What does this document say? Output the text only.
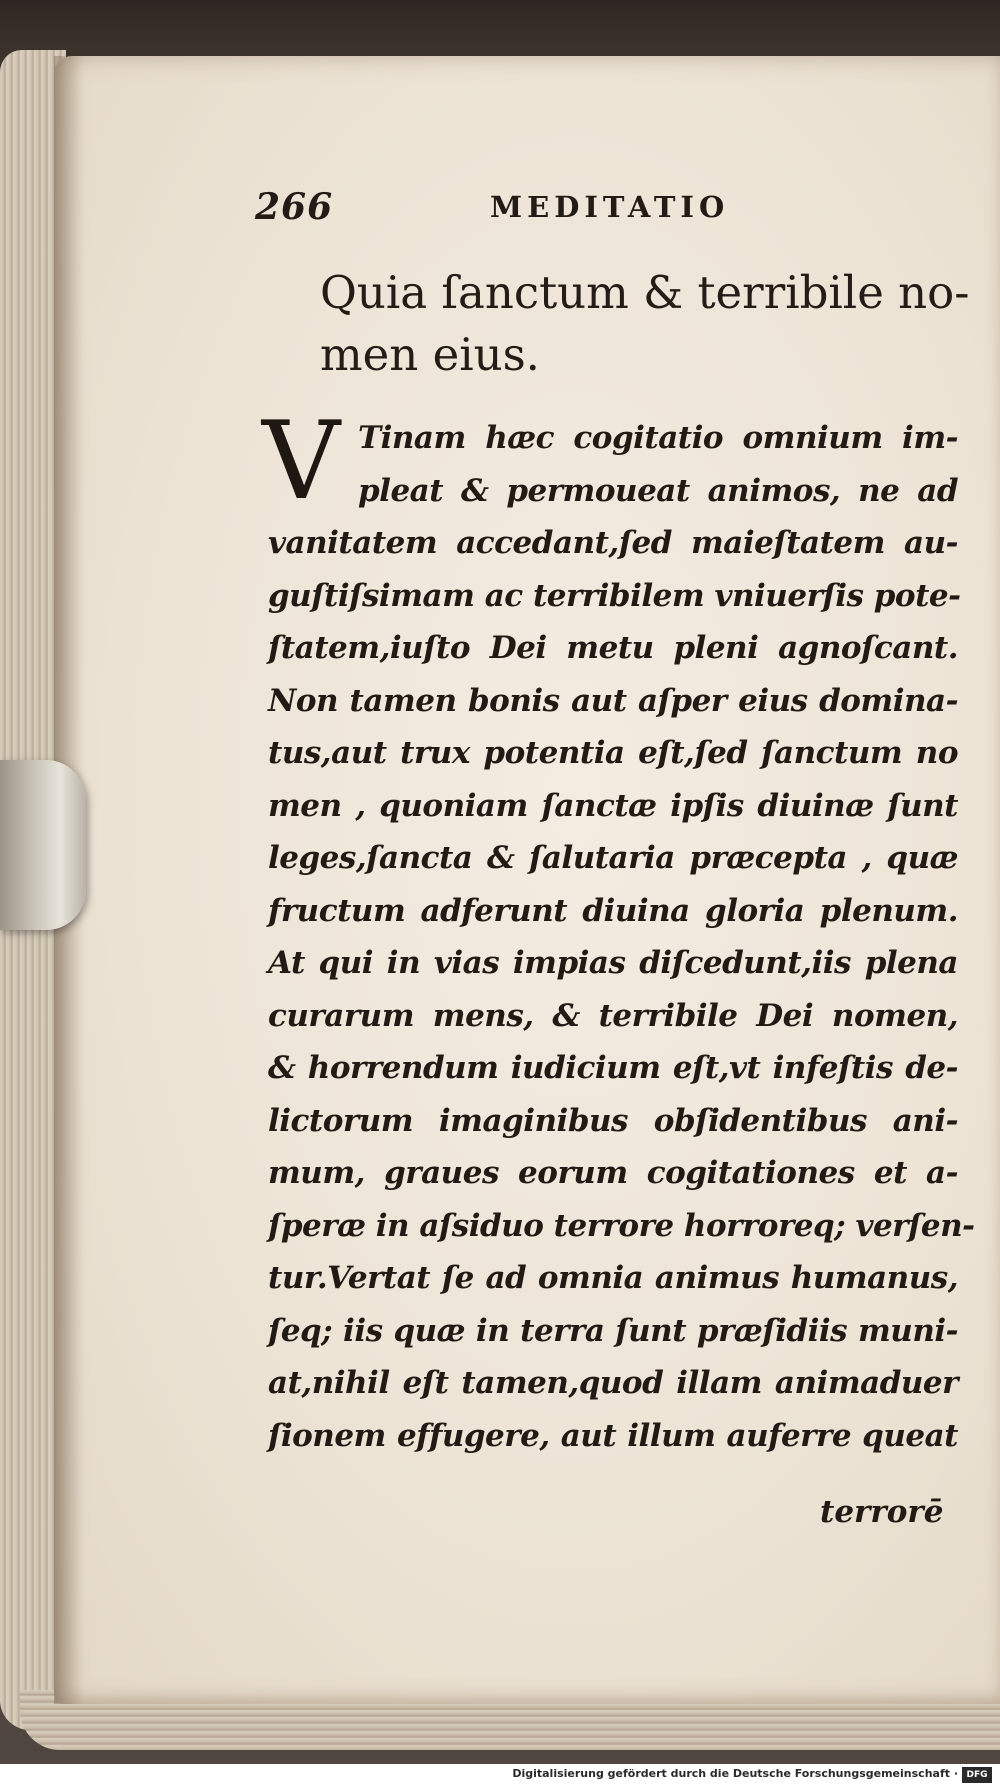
266	MEDITATIO
Quia ſanctum & terribile no-
men eius.
V Tinam hæc cogitatio omnium im-
pleat & permoueat animos, ne ad
vanitatem accedant,ſed maieſtatem au-
guſtiſsimam ac terribilem vniuerſis pote-
ſtatem,iuſto Dei metu pleni agnoſcant.
Non tamen bonis aut aſper eius domina-
tus,aut trux potentia eſt,ſed ſanctum no
men , quoniam ſanctæ ipſis diuinæ ſunt
leges,ſancta & ſalutaria præcepta , quæ
fructum adferunt diuina gloria plenum.
At qui in vias impias diſcedunt,iis plena
curarum mens, & terribile Dei nomen,
& horrendum iudicium eſt,vt infeſtis de-
lictorum imaginibus obſidentibus ani-
mum, graues eorum cogitationes et a-
ſperæ in aſsiduo terrore horroreq; verſen-
tur.Vertat ſe ad omnia animus humanus,
ſeq; iis quæ in terra ſunt præſidiis muni-
at,nihil eſt tamen,quod illam animaduer
ſionem effugere, aut illum auferre queat
terrorē
Digitalisierung gefördert durch die Deutsche Forschungsgemeinschaft · DFG
